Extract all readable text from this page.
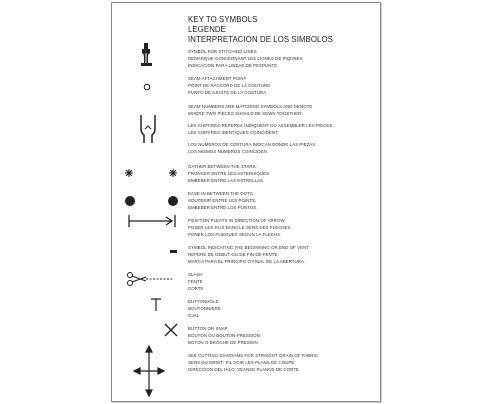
KEY TO SYMBOLS

LEGENDE

INTERPRETACION DE LOS SIMBOLOS

SYMBOL FOR STITCHING LINES

REMARQUE CONCERNANT LES LIGNES DE PIQURES

INDICACION PARA LINEAS DE PESPUNTE

SEAM ATTACHMENT POINT

POINT DE RACCORD DE LA COUTURE

PUNTO DE AJUSTE DE LA COSTURA

SEAM NUMBERS ARE MATCHING SYMBOLS AND DENOTE

WHERE TWO PIECES SHOULD BE SEWN TOGETHER.

LES CHIFFRES-REPERES INDIQUENT OU ASSEMBLER LES PIECES.

LES CHIFFRES IDENTIQUES COINCIDENT.

LOS NUMEROS DE COSTURA INDICAN DONDE LAS PIEZAS

LOS MISMOS NUMEROS COINCIDEN.

GATHER BETWEEN THE STARS.

FRONCER ENTRE LES ASTERISQUES.

EMBEBER ENTRE LAS ESTRELLAS.

EASE IN BETWEEN THE DOTS.

SOUTENIR ENTRE LES POINTS.

EMBEBER ENTRE LOS PUNTOS.

POSITION PLEATS IN DIRECTION OF ARROW.

POSER LES PLIS DANS LE SENS DES FLECHES.

PONER LOS PLIEGUES SEGUN LA FLECHA.

SYMBOL INDICATING THE BEGINNING OR END OF VENT.

REPERE DE DEBUT OU DE FIN DE FENTE.

MARCA PARA EL PRINCIPO O FINAL DE LA ABERTURA.

SLASH

FENTE

CORTE

BUTTONHOLE

BOUTONNIERE

OJAL

BUTTON OR SNAP

BOUTON OU BOUTON-PRESSION

BOTON O BROCHE DE PRESION

SEE CUTTING DIAGRAMS FOR STRAIGHT GRAIN OF FABRIC

SENS DU DROIT- FIL VOIR LES PLANS DE COUPE

DIRECCION DEL HILO: VEANSE PLANOS DE CORTE.
